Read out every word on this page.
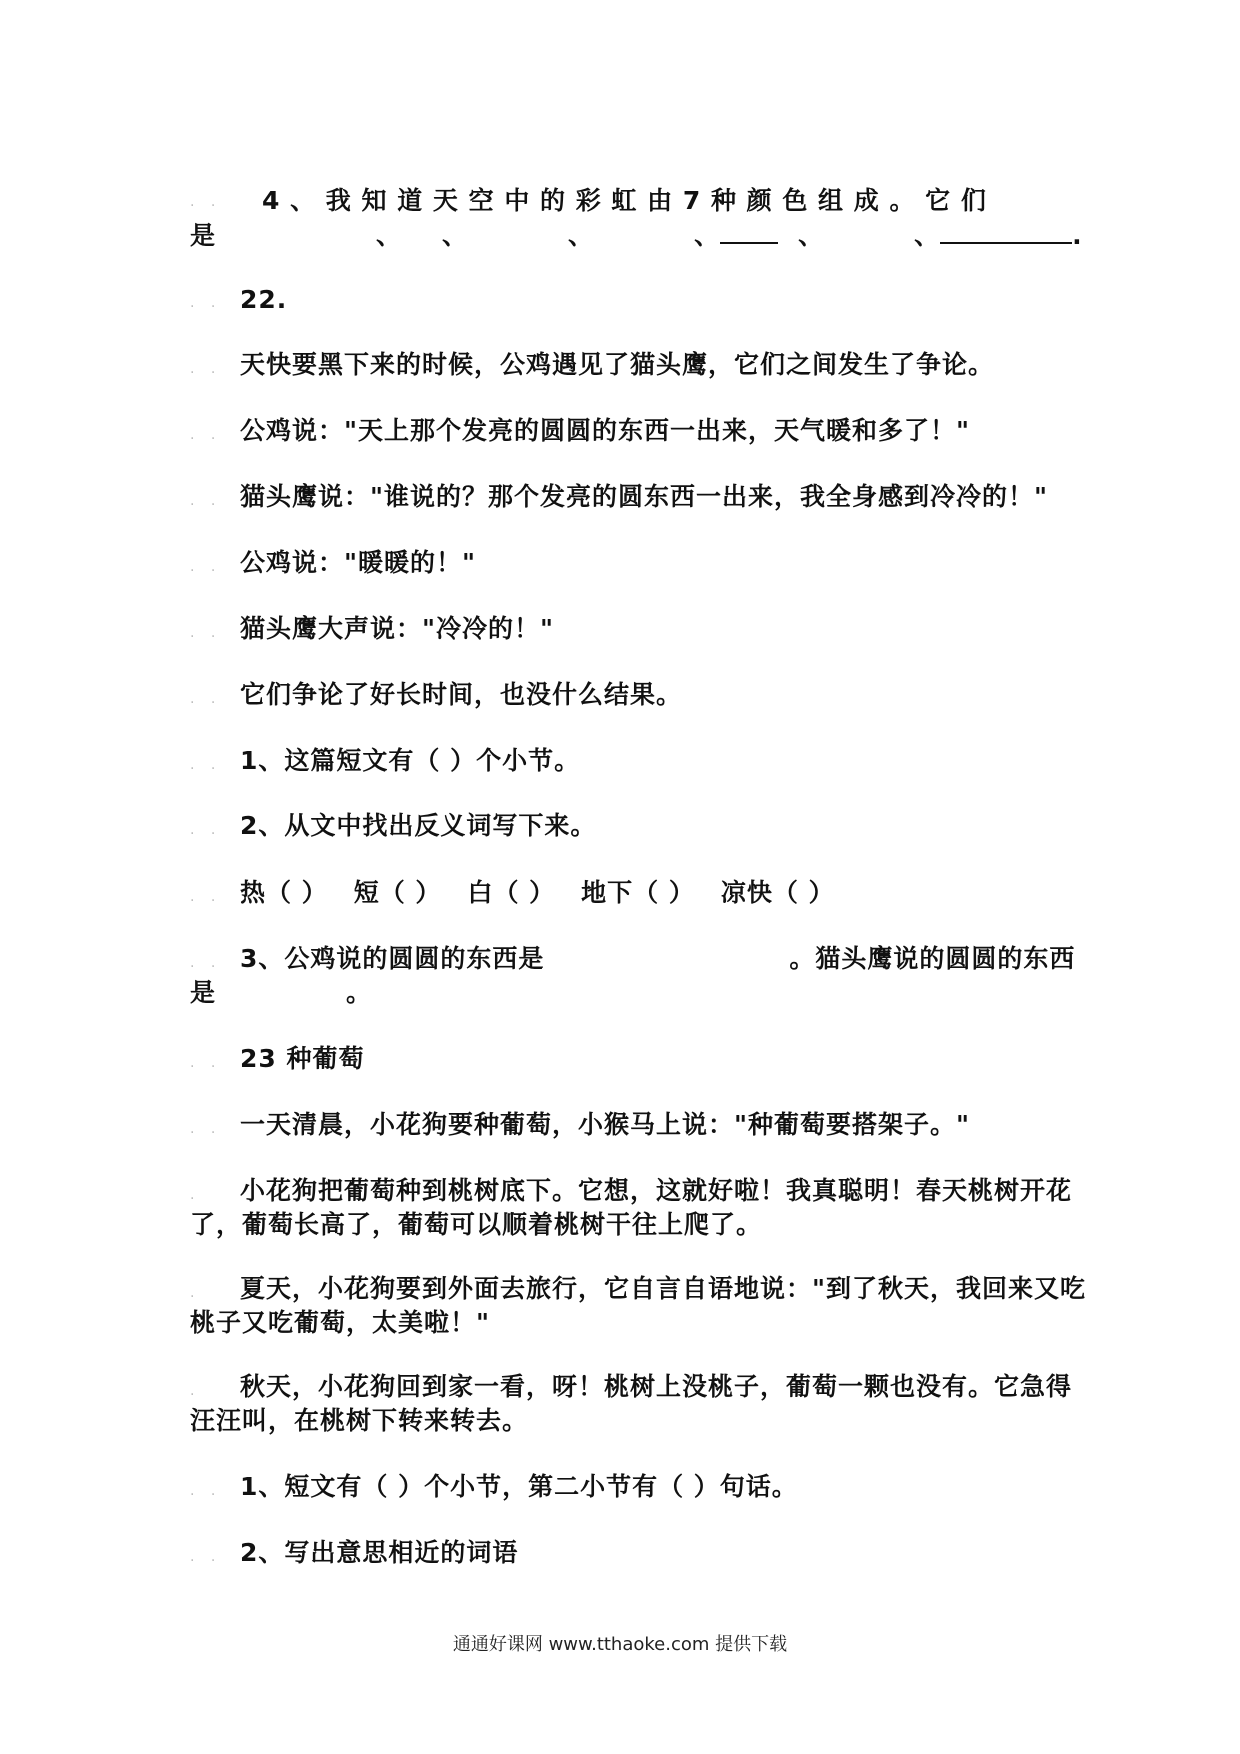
. . 4 、 我 知 道 天 空 中 的 彩 虹 由 7 种 颜 色 组 成 。 它 们
是	、 、	、	、	、	、	.
. . 22.
. . 天快要黑下来的时候，公鸡遇见了猫头鹰，它们之间发生了争论。
. . 公鸡说："天上那个发亮的圆圆的东西一出来，天气暖和多了！"
. . 猫头鹰说："谁说的？那个发亮的圆东西一出来，我全身感到冷冷的！"
. . 公鸡说："暖暖的！"
. . 猫头鹰大声说："冷冷的！"
. . 它们争论了好长时间，也没什么结果。
. . 1、这篇短文有（ ）个小节。
. . 2、从文中找出反义词写下来。
. . 热（ ） 短（ ） 白（ ） 地下（ ） 凉快（ ）
. . 3、公鸡说的圆圆的东西是	。猫头鹰说的圆圆的东西
是	。
. . 23 种葡萄
. . 一天清晨，小花狗要种葡萄，小猴马上说："种葡萄要搭架子。"
. 小花狗把葡萄种到桃树底下。它想，这就好啦！我真聪明！春天桃树开花
了，葡萄长高了，葡萄可以顺着桃树干往上爬了。
. 夏天，小花狗要到外面去旅行，它自言自语地说："到了秋天，我回来又吃
桃子又吃葡萄，太美啦！"
. 秋天，小花狗回到家一看，呀！桃树上没桃子，葡萄一颗也没有。它急得
汪汪叫，在桃树下转来转去。
. . 1、短文有（ ）个小节，第二小节有（ ）句话。
. . 2、写出意思相近的词语
通通好课网 www.tthaoke.com 提供下载
